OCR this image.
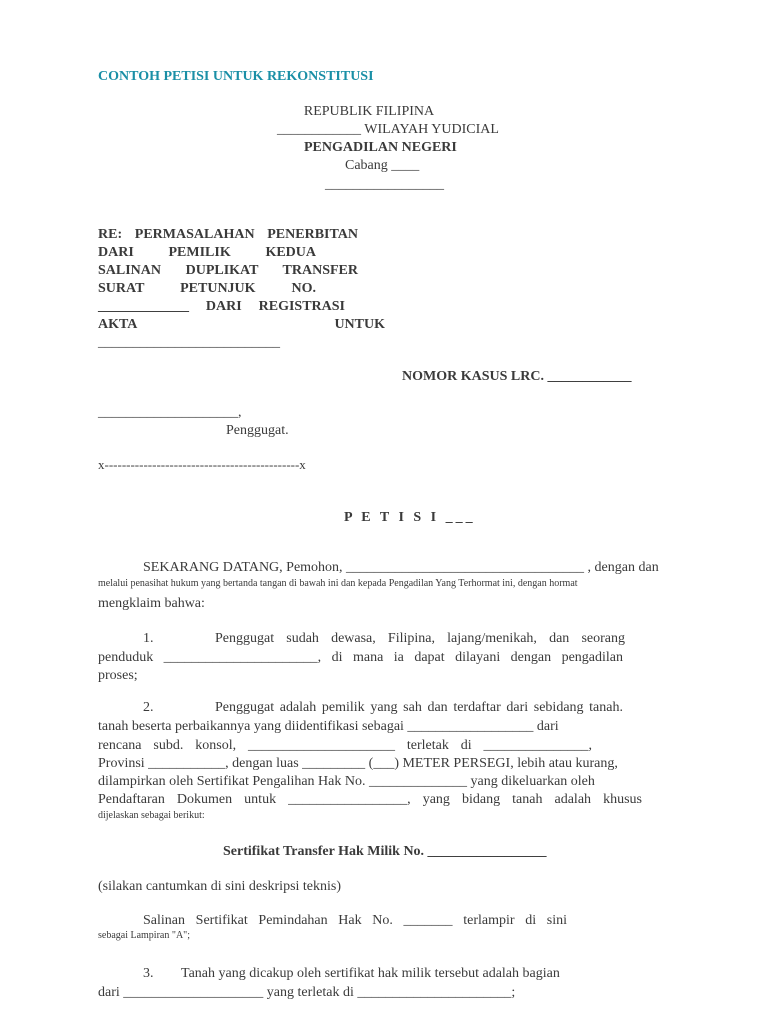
CONTOH PETISI UNTUK REKONSTITUSI
REPUBLIK FILIPINA
____________ WILAYAH YUDICIAL
PENGADILAN NEGERI
Cabang ____
_________________
RE: PERMASALAHAN PENERBITAN
DARI PEMILIK KEDUA
SALINAN DUPLIKAT TRANSFER
SURAT	PETUNJUK	NO.
_____________ DARI REGISTRASI
AKTA	UNTUK
__________________________
NOMOR KASUS LRC. ____________
____________________,
Penggugat.
x---------------------------------------------x
P E T I S I ___
SEKARANG DATANG, Pemohon, __________________________________ , dengan dan
melalui penasihat hukum yang bertanda tangan di bawah ini dan kepada Pengadilan Yang Terhormat ini, dengan hormat
mengklaim bahwa:
1.	Penggugat sudah dewasa, Filipina, lajang/menikah, dan seorang
penduduk ______________________, di mana ia dapat dilayani dengan pengadilan
proses;
2.	Penggugat adalah pemilik yang sah dan terdaftar dari sebidang tanah.
tanah beserta perbaikannya yang diidentifikasi sebagai __________________ dari
rencana subd. konsol, _____________________ terletak di _______________,
Provinsi ___________, dengan luas _________ (___) METER PERSEGI, lebih atau kurang,
dilampirkan oleh Sertifikat Pengalihan Hak No. ______________ yang dikeluarkan oleh
Pendaftaran Dokumen untuk _________________, yang bidang tanah adalah khusus
dijelaskan sebagai berikut:
Sertifikat Transfer Hak Milik No. _________________
(silakan cantumkan di sini deskripsi teknis)
Salinan Sertifikat Pemindahan Hak No. _______ terlampir di sini
sebagai Lampiran "A";
3. Tanah yang dicakup oleh sertifikat hak milik tersebut adalah bagian
dari ____________________ yang terletak di ______________________;
